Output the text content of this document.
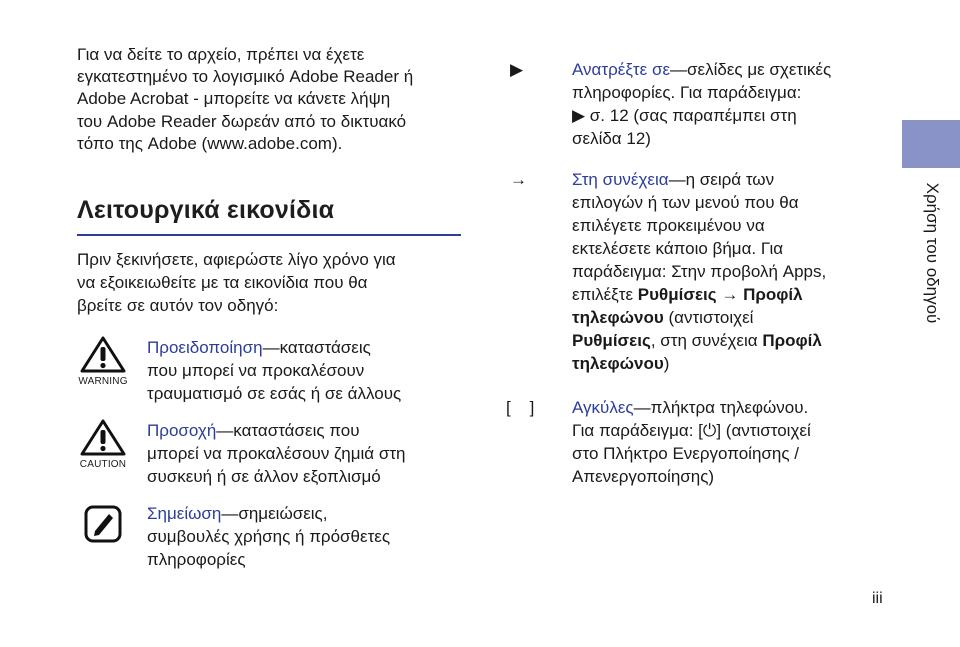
Για να δείτε το αρχείο, πρέπει να έχετε
εγκατεστημένο το λογισμικό Adobe Reader ή
Adobe Acrobat - μπορείτε να κάνετε λήψη
του Adobe Reader δωρεάν από το δικτυακό
τόπο της Adobe (www.adobe.com).

Λειτουργικά εικονίδια

Πριν ξεκινήσετε, αφιερώστε λίγο χρόνο για
να εξοικειωθείτε με τα εικονίδια που θα
βρείτε σε αυτόν τον οδηγό:

WARNING

Προειδοποίηση—καταστάσεις
που μπορεί να προκαλέσουν
τραυματισμό σε εσάς ή σε άλλους

CAUTION

Προσοχή—καταστάσεις που
μπορεί να προκαλέσουν ζημιά στη
συσκευή ή σε άλλον εξοπλισμό

Σημείωση—σημειώσεις,
συμβουλές χρήσης ή πρόσθετες
πληροφορίες

▶	Ανατρέξτε σε—σελίδες με σχετικές
πληροφορίες. Για παράδειγμα:
▶ σ. 12 (σας παραπέμπει στη
σελίδα 12)

→	Στη συνέχεια—η σειρά των
επιλογών ή των μενού που θα
επιλέγετε προκειμένου να
εκτελέσετε κάποιο βήμα. Για
παράδειγμα: Στην προβολή Apps,
επιλέξτε Ρυθμίσεις → Προφίλ
τηλεφώνου (αντιστοιχεί
Ρυθμίσεις, στη συνέχεια Προφίλ
τηλεφώνου)

[    ]	Αγκύλες—πλήκτρα τηλεφώνου.
Για παράδειγμα: [⏻] (αντιστοιχεί
στο Πλήκτρο Ενεργοποίησης /
Απενεργοποίησης)

Χρήση του οδηγού
iii
